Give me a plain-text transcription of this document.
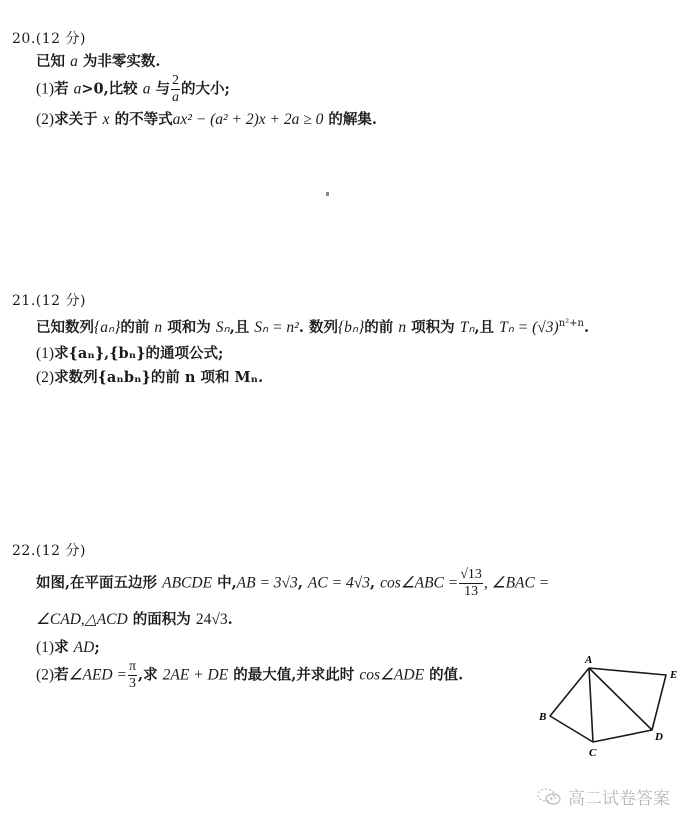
20.(12 分)
已知 a 为非零实数.
(1)若 a>0,比较 a 与 $\frac{2}{a}$ 的大小;
(2)求关于 x 的不等式ax² − (a² + 2)x + 2a ≥ 0 的解集.
21.(12 分)
已知数列{aₙ}的前 n 项和为 Sₙ,且 Sₙ = n². 数列{bₙ}的前 n 项积为 Tₙ,且 $T_n = (√3)^{n^2+n}$.
(1)求{aₙ},{bₙ}的通项公式;
(2)求数列{aₙbₙ}的前 n 项和 Mₙ.
22.(12 分)
如图,在平面五边形 ABCDE 中,AB = 3√3, AC = 4√3, cos∠ABC = $\frac{√13}{13}$ , ∠BAC =
∠CAD,△ACD 的面积为 24√3.
(1)求 AD;
(2)若∠AED = $\frac{\pi}{3}$ ,求 2AE + DE 的最大值,并求此时 cos∠ADE 的值.
A
B
C
D
E
高二试卷答案
